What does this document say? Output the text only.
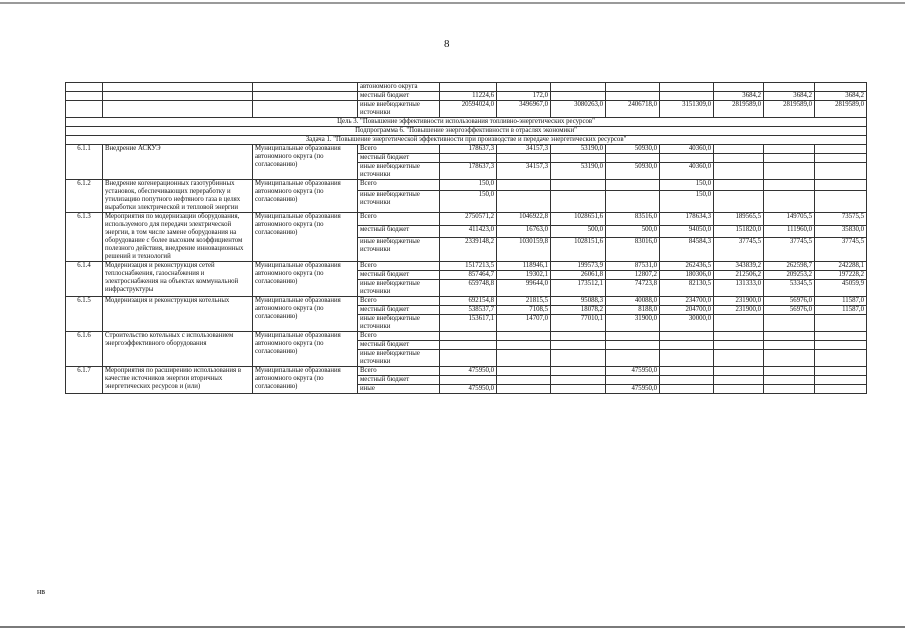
8
			автономного округа								
			местный бюджет	11224,6	172,0				3684,2	3684,2	3684,2
			иные внебюджетные источники	20594024,0	3496967,0	3080263,0	2406718,0	3151309,0	2819589,0	2819589,0	2819589,0
Цель 3. "Повышение эффективности использования топливно-энергетических ресурсов"											
Подпрограмма 6. "Повышение энергоэффективности в отраслях экономики"											
Задача 1. "Повышение энергетической эффективности при производстве и передаче энергетических ресурсов"											
6.1.1	Внедрение АСКУЭ	Муниципальные образования автономного округа (по согласованию)	Всего	178637,3	34157,3	53190,0	50930,0	40360,0			
			местный бюджет								
			иные внебюджетные источники	178637,3	34157,3	53190,0	50930,0	40360,0			
6.1.2	Внедрение когенерационных газотурбинных установок, обеспечивающих переработку и утилизацию попутного нефтяного газа в целях выработки электрической и тепловой энергии	Муниципальные образования автономного округа (по согласованию)	Всего	150,0				150,0			
			иные внебюджетные источники	150,0				150,0			
6.1.3	Мероприятия по модернизации оборудования, используемого для передачи электрической энергии, в том числе замене оборудования на оборудование с более высоким коэффициентом полезного действия, внедрение инновационных решений и технологий	Муниципальные образования автономного округа (по согласованию)	Всего	2750571,2	1046922,8	1028651,6	83516,0	178634,3	189565,5	149705,5	73575,5
			местный бюджет	411423,0	16763,0	500,0	500,0	94050,0	151820,0	111960,0	35830,0
			иные внебюджетные источники	2339148,2	1030159,8	1028151,6	83016,0	84584,3	37745,5	37745,5	37745,5
6.1.4	Модернизация и реконструкция сетей теплоснабжения, газоснабжения и электроснабжения на объектах коммунальной инфраструктуры	Муниципальные образования автономного округа (по согласованию)	Всего	1517213,5	118946,1	199573,9	87531,0	262436,5	343839,2	262598,7	242288,1
			местный бюджет	857464,7	19302,1	26061,8	12807,2	180306,0	212506,2	209253,2	197228,2
			иные внебюджетные источники	659748,8	99644,0	173512,1	74723,8	82130,5	131333,0	53345,5	45059,9
6.1.5	Модернизация и реконструкция котельных	Муниципальные образования автономного округа (по согласованию)	Всего	692154,8	21815,5	95088,3	40088,0	234700,0	231900,0	56976,0	11587,0
			местный бюджет	538537,7	7108,5	18078,2	8188,0	204700,0	231900,0	56976,0	11587,0
			иные внебюджетные источники	153617,1	14707,0	77010,1	31900,0	30000,0			
6.1.6	Строительство котельных с использованием энергоэффективного оборудования	Муниципальные образования автономного округа (по согласованию)	Всего								
			местный бюджет								
			иные внебюджетные источники								
6.1.7	Мероприятия по расширению использования в качестве источников энергии вторичных энергетических ресурсов и (или)	Муниципальные образования автономного округа (по согласованию)	Всего	475950,0			475950,0				
			местный бюджет								
			иные	475950,0			475950,0				
нв
